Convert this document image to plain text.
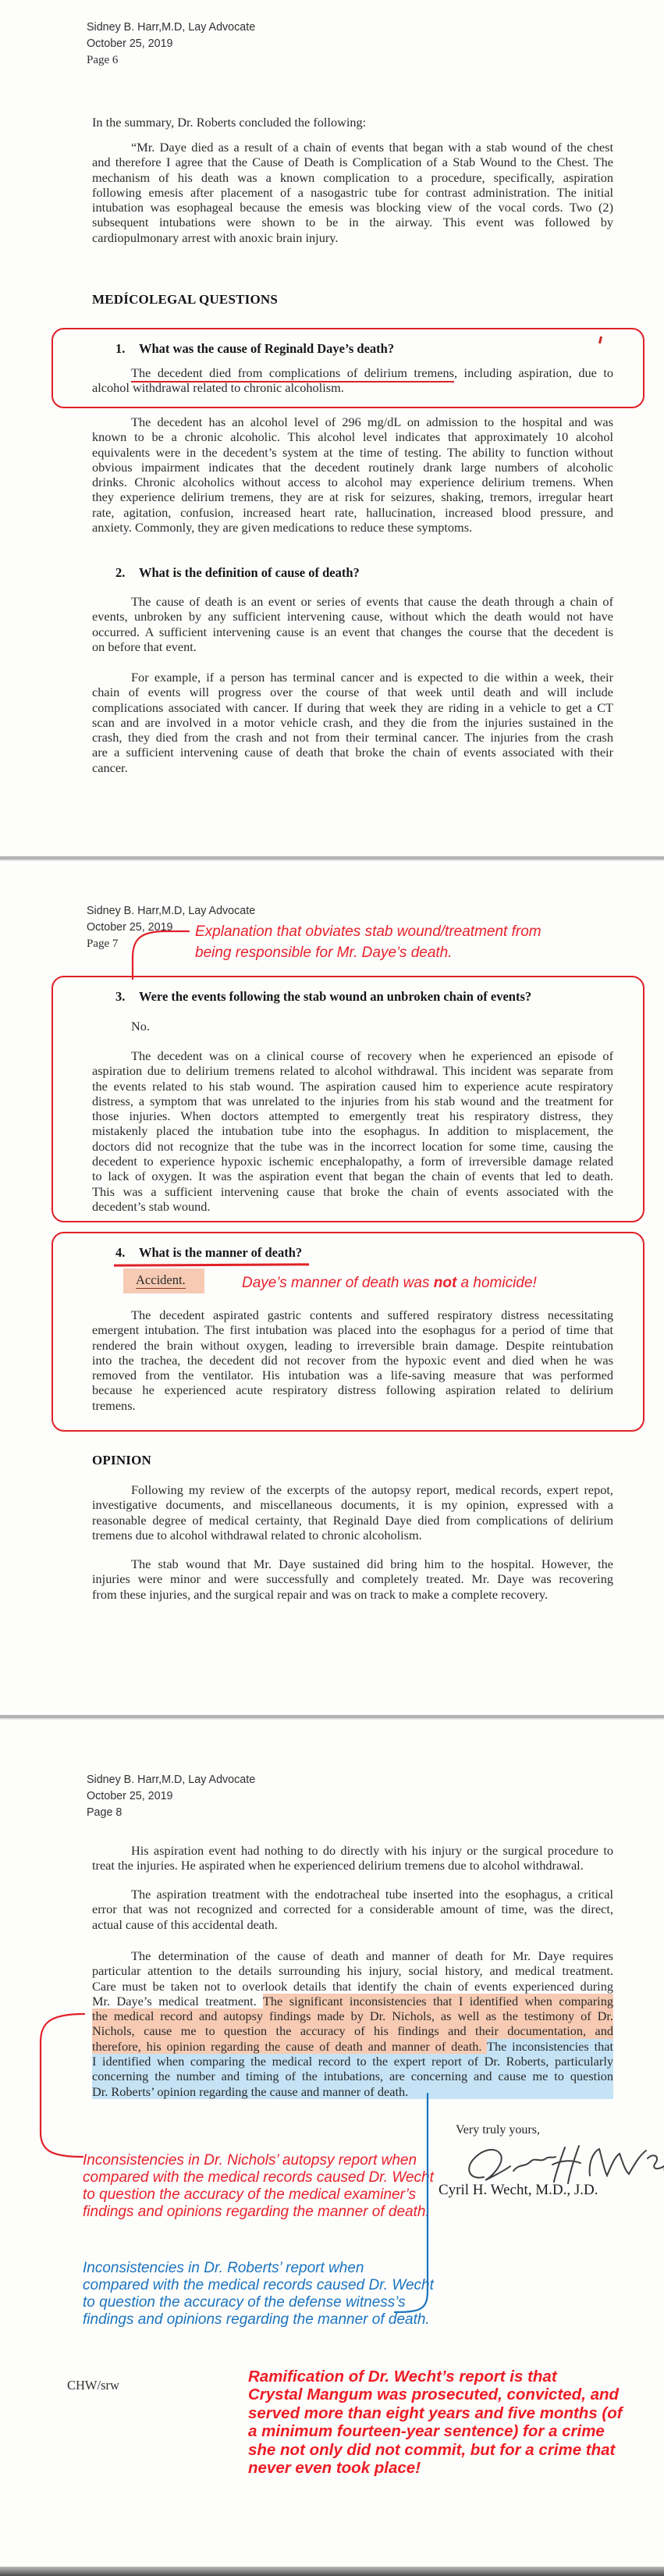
Sidney B. Harr,M.D, Lay Advocate
October 25, 2019
Page 6
In the summary, Dr. Roberts concluded the following:
“Mr. Daye died as a result of a chain of events that began with a stab wound of the chest
and therefore I agree that the Cause of Death is Complication of a Stab Wound to the Chest. The
mechanism of his death was a known complication to a procedure, specifically, aspiration
following emesis after placement of a nasogastric tube for contrast administration. The initial
intubation was esophageal because the emesis was blocking view of the vocal cords. Two (2)
subsequent intubations were shown to be in the airway. This event was followed by
cardiopulmonary arrest with anoxic brain injury.
MEDÍCOLEGAL QUESTIONS
1. What was the cause of Reginald Daye’s death?
The decedent died from complications of delirium tremens, including aspiration, due to
alcohol withdrawal related to chronic alcoholism.
The decedent has an alcohol level of 296 mg/dL on admission to the hospital and was
known to be a chronic alcoholic. This alcohol level indicates that approximately 10 alcohol
equivalents were in the decedent’s system at the time of testing. The ability to function without
obvious impairment indicates that the decedent routinely drank large numbers of alcoholic
drinks. Chronic alcoholics without access to alcohol may experience delirium tremens. When
they experience delirium tremens, they are at risk for seizures, shaking, tremors, irregular heart
rate, agitation, confusion, increased heart rate, hallucination, increased blood pressure, and
anxiety. Commonly, they are given medications to reduce these symptoms.
2. What is the definition of cause of death?
The cause of death is an event or series of events that cause the death through a chain of
events, unbroken by any sufficient intervening cause, without which the death would not have
occurred. A sufficient intervening cause is an event that changes the course that the decedent is
on before that event.
For example, if a person has terminal cancer and is expected to die within a week, their
chain of events will progress over the course of that week until death and will include
complications associated with cancer. If during that week they are riding in a vehicle to get a CT
scan and are involved in a motor vehicle crash, and they die from the injuries sustained in the
crash, they died from the crash and not from their terminal cancer. The injuries from the crash
are a sufficient intervening cause of death that broke the chain of events associated with their
cancer.
Sidney B. Harr,M.D, Lay Advocate
October 25, 2019
Page 7
Explanation that obviates stab wound/treatment from
being responsible for Mr. Daye’s death.
3. Were the events following the stab wound an unbroken chain of events?
No.
The decedent was on a clinical course of recovery when he experienced an episode of
aspiration due to delirium tremens related to alcohol withdrawal. This incident was separate from
the events related to his stab wound. The aspiration caused him to experience acute respiratory
distress, a symptom that was unrelated to the injuries from his stab wound and the treatment for
those injuries. When doctors attempted to emergently treat his respiratory distress, they
mistakenly placed the intubation tube into the esophagus. In addition to misplacement, the
doctors did not recognize that the tube was in the incorrect location for some time, causing the
decedent to experience hypoxic ischemic encephalopathy, a form of irreversible damage related
to lack of oxygen. It was the aspiration event that began the chain of events that led to death.
This was a sufficient intervening cause that broke the chain of events associated with the
decedent’s stab wound.
4. What is the manner of death?
Accident.	Daye’s manner of death was not a homicide!
The decedent aspirated gastric contents and suffered respiratory distress necessitating
emergent intubation. The first intubation was placed into the esophagus for a period of time that
rendered the brain without oxygen, leading to irreversible brain damage. Despite reintubation
into the trachea, the decedent did not recover from the hypoxic event and died when he was
removed from the ventilator. His intubation was a life-saving measure that was performed
because he experienced acute respiratory distress following aspiration related to delirium
tremens.
OPINION
Following my review of the excerpts of the autopsy report, medical records, expert repot,
investigative documents, and miscellaneous documents, it is my opinion, expressed with a
reasonable degree of medical certainty, that Reginald Daye died from complications of delirium
tremens due to alcohol withdrawal related to chronic alcoholism.
The stab wound that Mr. Daye sustained did bring him to the hospital. However, the
injuries were minor and were successfully and completely treated. Mr. Daye was recovering
from these injuries, and the surgical repair and was on track to make a complete recovery.
Sidney B. Harr,M.D, Lay Advocate
October 25, 2019
Page 8
His aspiration event had nothing to do directly with his injury or the surgical procedure to
treat the injuries. He aspirated when he experienced delirium tremens due to alcohol withdrawal.
The aspiration treatment with the endotracheal tube inserted into the esophagus, a critical
error that was not recognized and corrected for a considerable amount of time, was the direct,
actual cause of this accidental death.
The determination of the cause of death and manner of death for Mr. Daye requires
particular attention to the details surrounding his injury, social history, and medical treatment.
Care must be taken not to overlook details that identify the chain of events experienced during
Mr. Daye’s medical treatment. The significant inconsistencies that I identified when comparing
the medical record and autopsy findings made by Dr. Nichols, as well as the testimony of Dr.
Nichols, cause me to question the accuracy of his findings and their documentation, and
therefore, his opinion regarding the cause of death and manner of death. The inconsistencies that
I identified when comparing the medical record to the expert report of Dr. Roberts, particularly
concerning the number and timing of the intubations, are concerning and cause me to question
Dr. Roberts’ opinion regarding the cause and manner of death.
Very truly yours,
Cyril H. Wecht, M.D., J.D.
Inconsistencies in Dr. Nichols’ autopsy report when
compared with the medical records caused Dr. Wecht
to question the accuracy of the medical examiner’s
findings and opinions regarding the manner of death.
Inconsistencies in Dr. Roberts’ report when
compared with the medical records caused Dr. Wecht
to question the accuracy of the defense witness’s
findings and opinions regarding the manner of death.
CHW/srw	Ramification of Dr. Wecht’s report is that
Crystal Mangum was prosecuted, convicted, and
served more than eight years and five months (of
a minimum fourteen-year sentence) for a crime
she not only did not commit, but for a crime that
never even took place!
